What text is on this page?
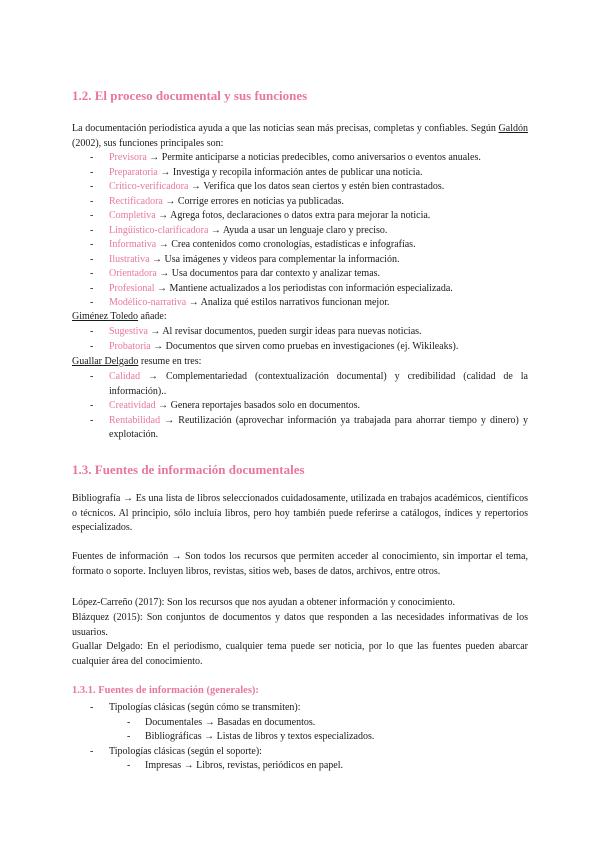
1.2. El proceso documental y sus funciones
La documentación periodística ayuda a que las noticias sean más precisas, completas y confiables. Según Galdón (2002), sus funciones principales son:
- Previsora → Permite anticiparse a noticias predecibles, como aniversarios o eventos anuales.
- Preparatoria → Investiga y recopila información antes de publicar una noticia.
- Crítico-verificadora → Verifica que los datos sean ciertos y estén bien contrastados.
- Rectificadora → Corrige errores en noticias ya publicadas.
- Completiva → Agrega fotos, declaraciones o datos extra para mejorar la noticia.
- Lingüístico-clarificadora → Ayuda a usar un lenguaje claro y preciso.
- Informativa → Crea contenidos como cronologías, estadísticas e infografías.
- Ilustrativa → Usa imágenes y videos para complementar la información.
- Orientadora → Usa documentos para dar contexto y analizar temas.
- Profesional → Mantiene actualizados a los periodistas con información especializada.
- Modélico-narrativa → Analiza qué estilos narrativos funcionan mejor.
Giménez Toledo añade:
- Sugestiva → Al revisar documentos, pueden surgir ideas para nuevas noticias.
- Probatoria → Documentos que sirven como pruebas en investigaciones (ej. Wikileaks).
Guallar Delgado resume en tres:
- Calidad → Complementariedad (contextualización documental) y credibilidad (calidad de la información)..
- Creatividad → Genera reportajes basados solo en documentos.
- Rentabilidad → Reutilización (aprovechar información ya trabajada para ahorrar tiempo y dinero) y explotación.
1.3. Fuentes de información documentales
Bibliografía → Es una lista de libros seleccionados cuidadosamente, utilizada en trabajos académicos, científicos o técnicos. Al principio, sólo incluía libros, pero hoy también puede referirse a catálogos, índices y repertorios especializados.
Fuentes de información → Son todos los recursos que permiten acceder al conocimiento, sin importar el tema, formato o soporte. Incluyen libros, revistas, sitios web, bases de datos, archivos, entre otros.
López-Carreño (2017): Son los recursos que nos ayudan a obtener información y conocimiento.
Blázquez (2015): Son conjuntos de documentos y datos que responden a las necesidades informativas de los usuarios.
Guallar Delgado: En el periodismo, cualquier tema puede ser noticia, por lo que las fuentes pueden abarcar cualquier área del conocimiento.
1.3.1. Fuentes de información (generales):
- Tipologías clásicas (según cómo se transmiten):
- Documentales → Basadas en documentos.
- Bibliográficas → Listas de libros y textos especializados.
- Tipologías clásicas (según el soporte):
- Impresas → Libros, revistas, periódicos en papel.
